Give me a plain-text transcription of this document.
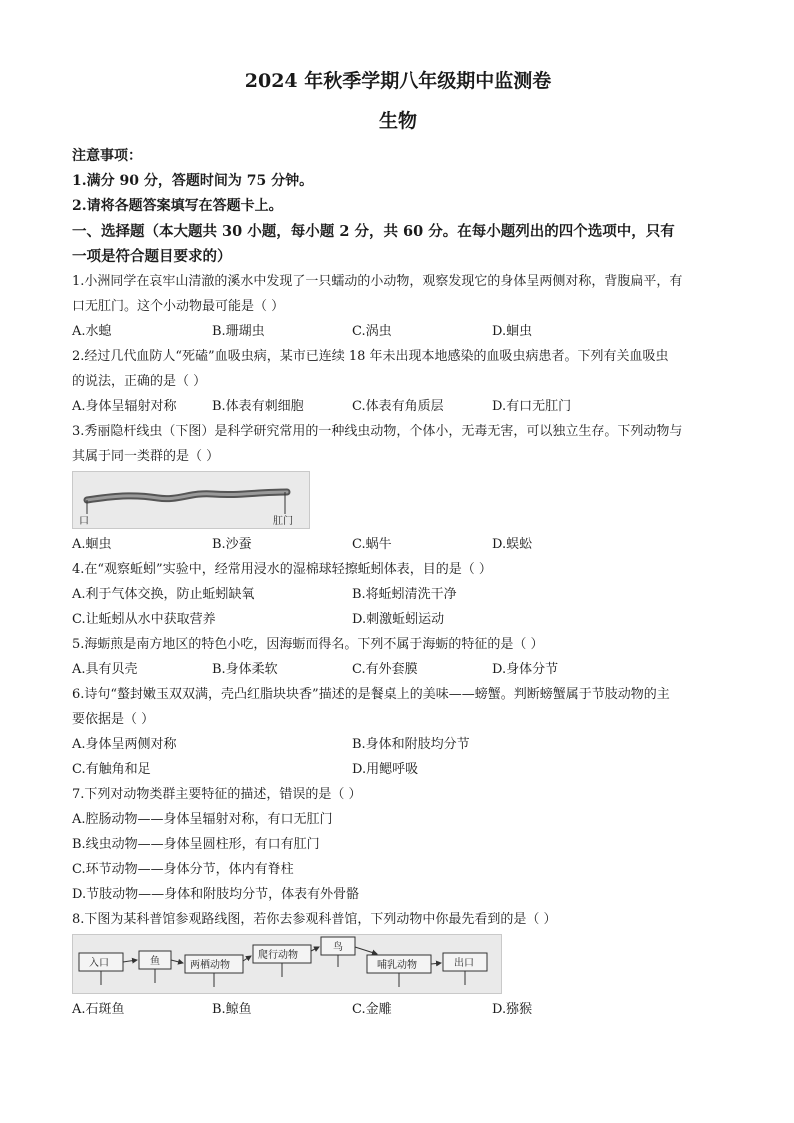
2024 年秋季学期八年级期中监测卷
生物
注意事项：
1.满分 90 分，答题时间为 75 分钟。
2.请将各题答案填写在答题卡上。
一、选择题（本大题共 30 小题，每小题 2 分，共 60 分。在每小题列出的四个选项中，只有
一项是符合题目要求的）
1.小洲同学在哀牢山清澈的溪水中发现了一只蠕动的小动物，观察发现它的身体呈两侧对称，背腹扁平，有
口无肛门。这个小动物最可能是（ ）
A.水螅	B.珊瑚虫	C.涡虫	D.蛔虫
2.经过几代血防人“死磕”血吸虫病，某市已连续 18 年未出现本地感染的血吸虫病患者。下列有关血吸虫
的说法，正确的是（ ）
A.身体呈辐射对称	B.体表有刺细胞	C.体表有角质层	D.有口无肛门
3.秀丽隐杆线虫（下图）是科学研究常用的一种线虫动物，个体小，无毒无害，可以独立生存。下列动物与
其属于同一类群的是（ ）
口	肛门
A.蛔虫	B.沙蚕	C.蜗牛	D.蜈蚣
4.在“观察蚯蚓”实验中，经常用浸水的湿棉球轻擦蚯蚓体表，目的是（ ）
A.利于气体交换，防止蚯蚓缺氧	B.将蚯蚓清洗干净
C.让蚯蚓从水中获取营养	D.刺激蚯蚓运动
5.海蛎煎是南方地区的特色小吃，因海蛎而得名。下列不属于海蛎的特征的是（ ）
A.具有贝壳	B.身体柔软	C.有外套膜	D.身体分节
6.诗句“螯封嫩玉双双满，壳凸红脂块块香”描述的是餐桌上的美味——螃蟹。判断螃蟹属于节肢动物的主
要依据是（ ）
A.身体呈两侧对称	B.身体和附肢均分节
C.有触角和足	D.用鳃呼吸
7.下列对动物类群主要特征的描述，错误的是（ ）
A.腔肠动物——身体呈辐射对称，有口无肛门
B.线虫动物——身体呈圆柱形，有口有肛门
C.环节动物——身体分节，体内有脊柱
D.节肢动物——身体和附肢均分节，体表有外骨骼
8.下图为某科普馆参观路线图，若你去参观科普馆，下列动物中你最先看到的是（ ）
入口	鱼	两栖动物
爬行动物
鸟
哺乳动物	出口
A.石斑鱼	B.鲸鱼	C.金雕	D.猕猴
